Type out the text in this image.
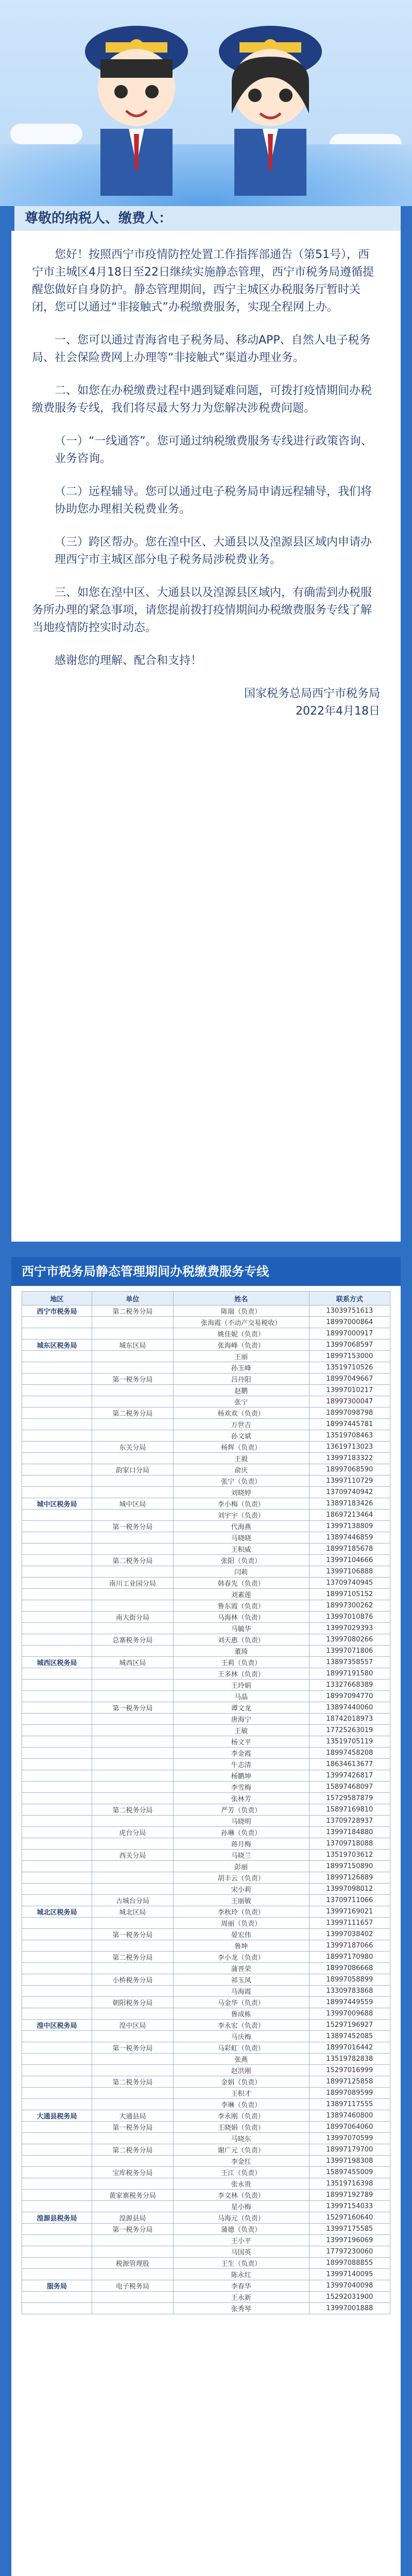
尊敬的纳税人、缴费人：

您好！按照西宁市疫情防控处置工作指挥部通告（第51号），西宁市主城区4月18日至22日继续实施静态管理，西宁市税务局遵循提醒您做好自身防护。静态管理期间，西宁主城区办税服务厅暂时关闭，您可以通过“非接触式”办税缴费服务，实现全程网上办。

一、您可以通过青海省电子税务局、移动APP、自然人电子税务局、社会保险费网上办理等“非接触式”渠道办理业务。

二、如您在办税缴费过程中遇到疑难问题，可拨打疫情期间办税缴费服务专线，我们将尽最大努力为您解决涉税费问题。

（一）“一线通答”。您可通过纳税缴费服务专线进行政策咨询、业务咨询。

（二）远程辅导。您可以通过电子税务局申请远程辅导，我们将协助您办理相关税费业务。

（三）跨区帮办。您在湟中区、大通县以及湟源县区域内申请办理西宁市主城区部分电子税务局涉税费业务。

三、如您在湟中区、大通县以及湟源县区域内，有确需到办税服务所办理的紧急事项，请您提前拨打疫情期间办税缴费服务专线了解当地疫情防控实时动态。

感谢您的理解、配合和支持！

国家税务总局西宁市税务局

2022年4月18日

西宁市税务局静态管理期间办税缴费服务专线
地区	单位	姓名	联系方式
西宁市税务局	第二税务分局	陈瑞（负责）	13039751613
		张海霞（不动产交易税收）	18997000864
		姚佳妮（负责）	18997000917
城东区税务局	城东区局	张海峰（负责）	13997068597
		王丽	18997153000
		孙玉峰	13519710526
	第一税务分局	吕丹阳	18997049667
		赵鹏	13997010217
		张宁	18997300047
	第二税务分局	杨欢欢（负责）	18997098798
		万世吉	18997445781
		孙文斌	13519708463
	东关分局	杨辉（负责）	13619713023
		王毅	13997183322
	韵家口分局	俞庆	18997068590
		张宁（负责）	13997110729
		刘晓婷	13709740942
城中区税务局	城中区局	李小梅（负责）	13897183426
		刘宇宇（负责）	18697213464
	第一税务分局	代海燕	13997138809
		马晓晓	13897446859
		王积威	18997185678
	第二税务分局	张阳（负责）	13997104666
		闫莉	13997106888
	南川工业园分局	韩春先（负责）	13709740945
		刘素莲	18997105152
		鲁东霞（负责）	18997300262
	南大街分局	马海林（负责）	13997010876
		马毓华	13997029393
	总寨税务分局	刘天惠（负责）	13997080266
		董琦	13997071806
城西区税务局	城西区局	王莉（负责）	13897358557
		王多林（负责）	18997191580
		王玲娟	13327668389
		马晶	18997094770
	第一税务分局	谭文龙	13897440060
		唐海宁	18742018973
		王敏	17725263019
		杨文平	13519705119
		李金霞	18997458208
		牛志清	18634613677
		杨鹏坤	13997426817
		李雪梅	15897468097
		张林芳	15729587879
	第二税务分局	严芳（负责）	15897169810
		马晓明	13709728937
	虎台分局	孙琳（负责）	13997184880
		蒋月梅	13709718088
	西关分局	马晓兰	13519703612
		彭丽	18997150890
		胡丰云（负责）	18997126889
		宋小莉	13997098012
	古城台分局	王丽敏	13709711066
城北区税务局	城北区局	李秋玲（负责）	13997169021
		周丽（负责）	13997111657
	第一税务分局	晏宏伟	13997038402
		鲁坤	13997187066
	第二税务分局	李小龙（负责）	18997170980
		蒲晋荣	18997086668
	小桥税务分局	祁玉凤	18997058899
		马海霞	13309783868
	朝阳税务分局	马金华（负责）	18997449559
		鲁成栋	13997009688
湟中区税务局	湟中区局	李永宏（负责）	15297196927
		马庆梅	13897452085
	第一税务分局	马彩虹（负责）	18997016442
		张燕	13519782838
		赵洪刚	15297016999
	第二税务分局	金娟（负责）	18997125858
		王积才	18997089599
		李琳（负责）	13897117555
大通县税务局	大通县局	李永刚（负责）	13897460800
	第一税务分局	王晓娟（负责）	18997064060
		马晓东	13997070599
	第二税务分局	谢广元（负责）	18997179700
		李金红	13997198308
	宝库税务分局	王江（负责）	15897455009
		张永贵	13519716398
	黄家寨税务分局	李文林（负责）	18997192789
		星小梅	13997154033
湟源县税务局	湟源县局	马海元（负责）	15297160640
	第一税务分局	蒲德（负责）	13997175585
		王小平	13997196069
		马国英	17797230060
	税源管理股	王生（负责）	18997088855
		陈永红	13997140095
服务局	电子税务局	李春华	13997040098
		王永新	15292031900
		张秀琴	13997001888
